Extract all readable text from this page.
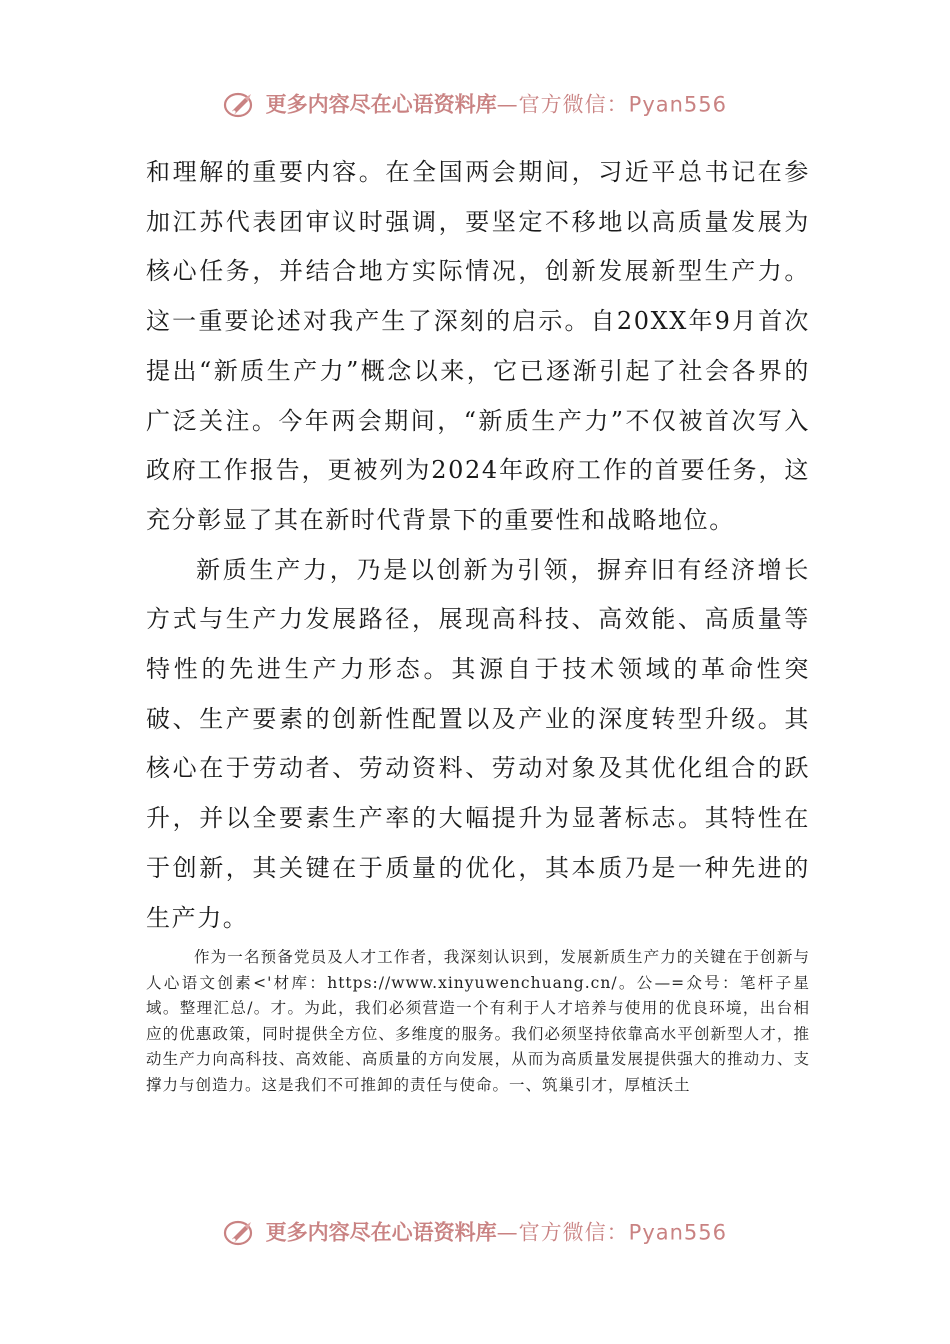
更多内容尽在心语资料库—官方微信：Pyan556

和理解的重要内容。在全国两会期间，习近平总书记在参加江苏代表团审议时强调，要坚定不移地以高质量发展为核心任务，并结合地方实际情况，创新发展新型生产力。这一重要论述对我产生了深刻的启示。自20XX年9月首次提出“新质生产力”概念以来，它已逐渐引起了社会各界的广泛关注。今年两会期间，“新质生产力”不仅被首次写入政府工作报告，更被列为2024年政府工作的首要任务，这充分彰显了其在新时代背景下的重要性和战略地位。

新质生产力，乃是以创新为引领，摒弃旧有经济增长方式与生产力发展路径，展现高科技、高效能、高质量等特性的先进生产力形态。其源自于技术领域的革命性突破、生产要素的创新性配置以及产业的深度转型升级。其核心在于劳动者、劳动资料、劳动对象及其优化组合的跃升，并以全要素生产率的大幅提升为显著标志。其特性在于创新，其关键在于质量的优化，其本质乃是一种先进的生产力。

作为一名预备党员及人才工作者，我深刻认识到，发展新质生产力的关键在于创新与人心语文创素<'材库：https://www.xinyuwenchuang.cn/。公—=众号：笔杆子星域。整理汇总/。才。为此，我们必须营造一个有利于人才培养与使用的优良环境，出台相应的优惠政策，同时提供全方位、多维度的服务。我们必须坚持依靠高水平创新型人才，推动生产力向高科技、高效能、高质量的方向发展，从而为高质量发展提供强大的推动力、支撑力与创造力。这是我们不可推卸的责任与使命。一、筑巢引才，厚植沃土
更多内容尽在心语资料库—官方微信：Pyan556
